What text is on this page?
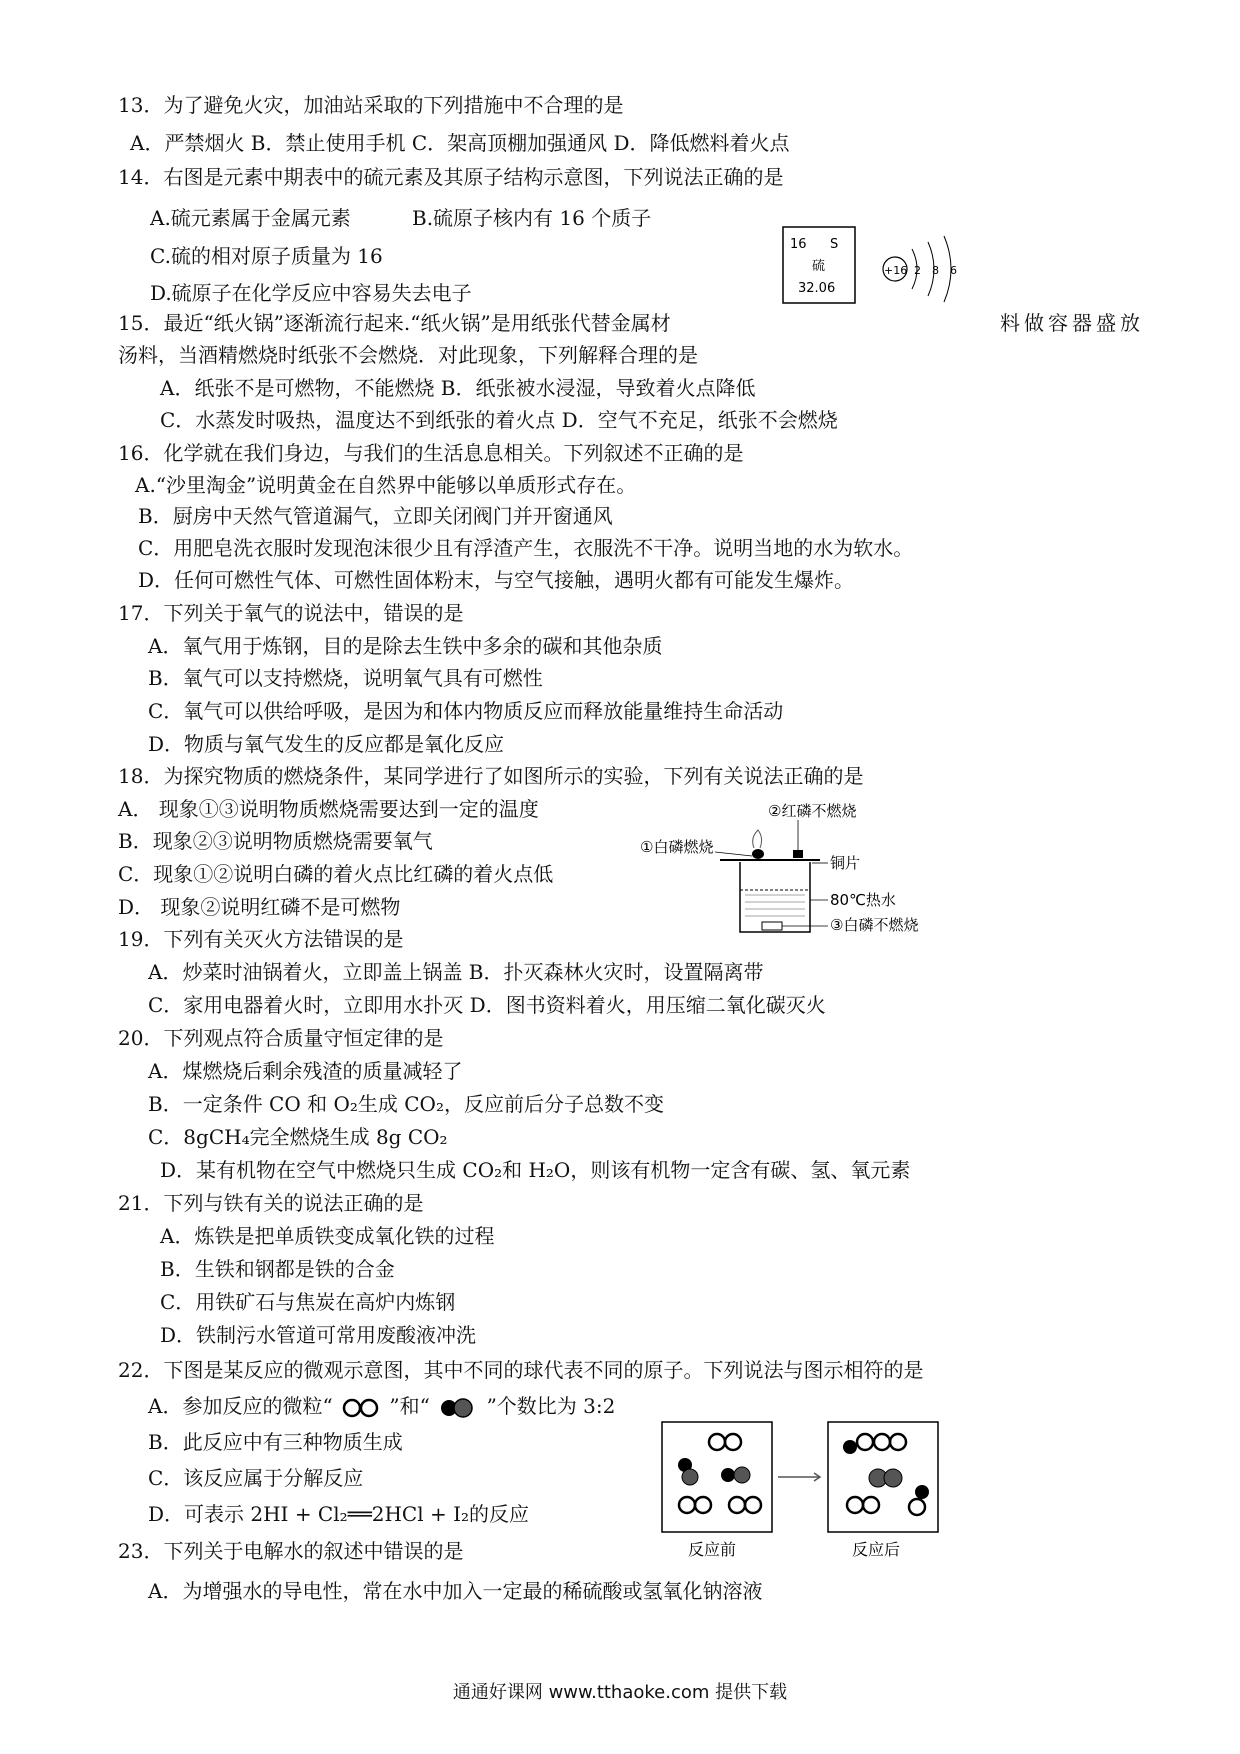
13．为了避免火灾，加油站采取的下列措施中不合理的是
A．严禁烟火 B．禁止使用手机 C．架高顶棚加强通风 D．降低燃料着火点
14．右图是元素中期表中的硫元素及其原子结构示意图，下列说法正确的是
A.硫元素属于金属元素	B.硫原子核内有 16 个质子
C.硫的相对原子质量为 16
D.硫原子在化学反应中容易失去电子
16 S
硫
32.06
+16 2 8 6
15．最近“纸火锅”逐渐流行起来.“纸火锅”是用纸张代替金属材	料做容器盛放
汤料，当酒精燃烧时纸张不会燃烧．对此现象，下列解释合理的是
A．纸张不是可燃物，不能燃烧 B．纸张被水浸湿，导致着火点降低
C．水蒸发时吸热，温度达不到纸张的着火点 D．空气不充足，纸张不会燃烧
16．化学就在我们身边，与我们的生活息息相关。下列叙述不正确的是
A.“沙里淘金”说明黄金在自然界中能够以单质形式存在。
B．厨房中天然气管道漏气，立即关闭阀门并开窗通风
C．用肥皂洗衣服时发现泡沫很少且有浮渣产生，衣服洗不干净。说明当地的水为软水。
D．任何可燃性气体、可燃性固体粉末，与空气接触，遇明火都有可能发生爆炸。
17．下列关于氧气的说法中，错误的是
A．氧气用于炼钢，目的是除去生铁中多余的碳和其他杂质
B．氧气可以支持燃烧，说明氧气具有可燃性
C．氧气可以供给呼吸，是因为和体内物质反应而释放能量维持生命活动
D．物质与氧气发生的反应都是氧化反应
18．为探究物质的燃烧条件，某同学进行了如图所示的实验，下列有关说法正确的是
A． 现象①③说明物质燃烧需要达到一定的温度
B．现象②③说明物质燃烧需要氧气
C．现象①②说明白磷的着火点比红磷的着火点低
D． 现象②说明红磷不是可燃物
①白磷燃烧
②红磷不燃烧
铜片
80℃热水
③白磷不燃烧
19．下列有关灭火方法错误的是
A．炒菜时油锅着火，立即盖上锅盖 B．扑灭森林火灾时，设置隔离带
C．家用电器着火时，立即用水扑灭 D．图书资料着火，用压缩二氧化碳灭火
20．下列观点符合质量守恒定律的是
A．煤燃烧后剩余残渣的质量减轻了
B．一定条件 CO 和 O₂生成 CO₂，反应前后分子总数不变
C．8gCH₄完全燃烧生成 8g CO₂
D．某有机物在空气中燃烧只生成 CO₂和 H₂O，则该有机物一定含有碳、氢、氧元素
21．下列与铁有关的说法正确的是
A．炼铁是把单质铁变成氧化铁的过程
B．生铁和钢都是铁的合金
C．用铁矿石与焦炭在高炉内炼钢
D．铁制污水管道可常用废酸液冲洗
22．下图是某反应的微观示意图，其中不同的球代表不同的原子。下列说法与图示相符的是
A．参加反应的微粒“	”和“	”个数比为 3:2
B．此反应中有三种物质生成
C．该反应属于分解反应
D．可表示 2HI + Cl₂══2HCl + I₂的反应
反应前	反应后
23．下列关于电解水的叙述中错误的是
A．为增强水的导电性，常在水中加入一定最的稀硫酸或氢氧化钠溶液
通通好课网 www.tthaoke.com 提供下载
